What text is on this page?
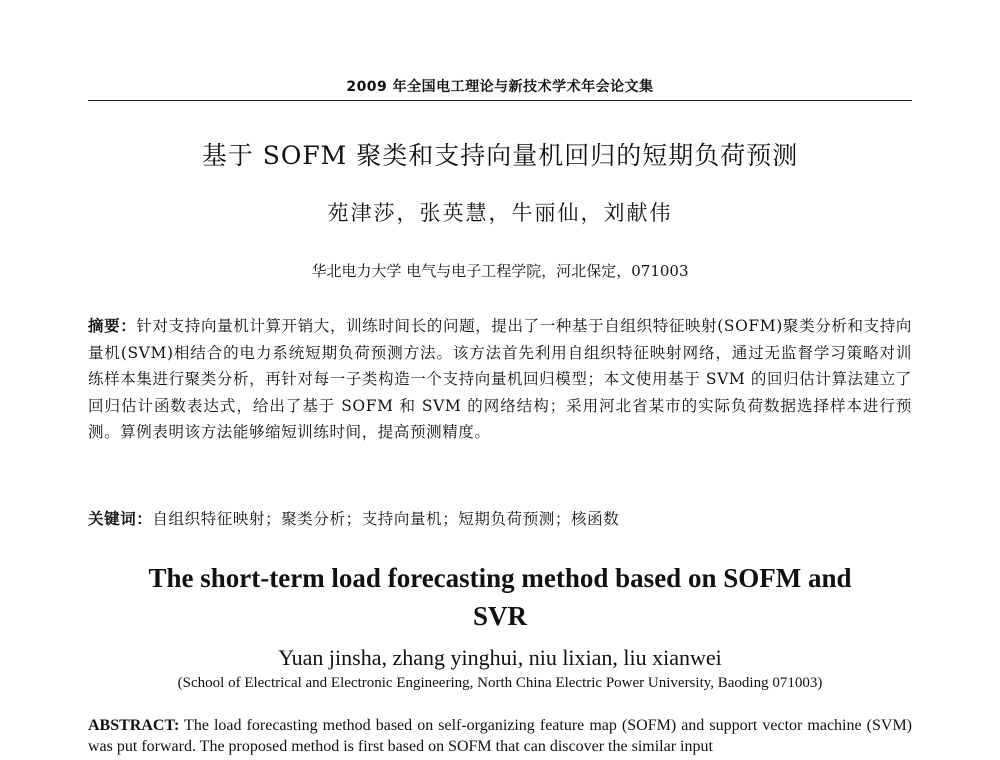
2009 年全国电工理论与新技术学术年会论文集
基于 SOFM 聚类和支持向量机回归的短期负荷预测
苑津莎，张英慧，牛丽仙，刘献伟
华北电力大学 电气与电子工程学院，河北保定，071003
摘要：针对支持向量机计算开销大，训练时间长的问题，提出了一种基于自组织特征映射(SOFM)聚类分析和支持向量机(SVM)相结合的电力系统短期负荷预测方法。该方法首先利用自组织特征映射网络，通过无监督学习策略对训练样本集进行聚类分析，再针对每一子类构造一个支持向量机回归模型；本文使用基于 SVM 的回归估计算法建立了回归估计函数表达式，给出了基于 SOFM 和 SVM 的网络结构；采用河北省某市的实际负荷数据选择样本进行预测。算例表明该方法能够缩短训练时间，提高预测精度。
关键词：自组织特征映射；聚类分析；支持向量机；短期负荷预测；核函数
The short-term load forecasting method based on SOFM and SVR
Yuan jinsha, zhang yinghui, niu lixian, liu xianwei
(School of Electrical and Electronic Engineering, North China Electric Power University, Baoding 071003)
ABSTRACT: The load forecasting method based on self-organizing feature map (SOFM) and support vector machine (SVM) was put forward. The proposed method is first based on SOFM that can discover the similar input
